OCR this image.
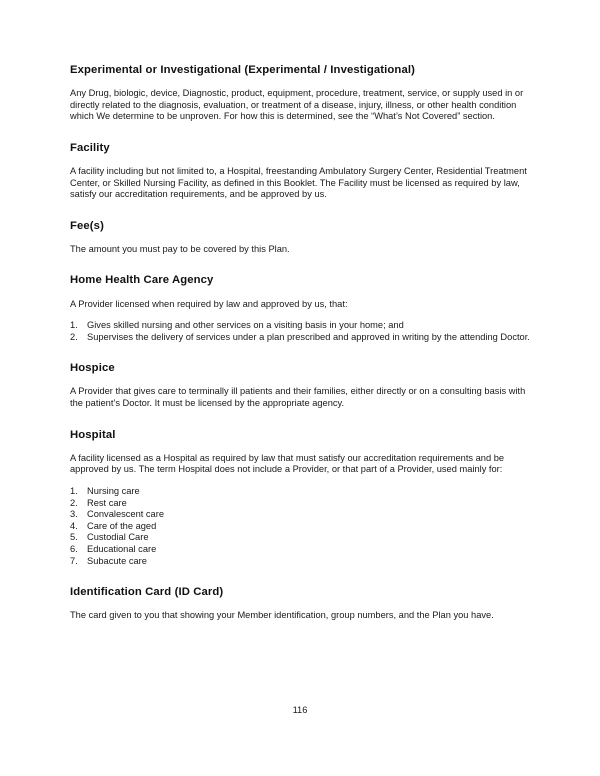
Experimental or Investigational (Experimental / Investigational)

Any Drug, biologic, device, Diagnostic, product, equipment, procedure, treatment, service, or supply used in or directly related to the diagnosis, evaluation, or treatment of a disease, injury, illness, or other health condition which We determine to be unproven. For how this is determined, see the “What’s Not Covered” section.

Facility

A facility including but not limited to, a Hospital, freestanding Ambulatory Surgery Center, Residential Treatment Center, or Skilled Nursing Facility, as defined in this Booklet. The Facility must be licensed as required by law, satisfy our accreditation requirements, and be approved by us.

Fee(s)

The amount you must pay to be covered by this Plan.

Home Health Care Agency

A Provider licensed when required by law and approved by us, that:

1. Gives skilled nursing and other services on a visiting basis in your home; and
2. Supervises the delivery of services under a plan prescribed and approved in writing by the attending Doctor.
Hospice

A Provider that gives care to terminally ill patients and their families, either directly or on a consulting basis with the patient’s Doctor. It must be licensed by the appropriate agency.

Hospital

A facility licensed as a Hospital as required by law that must satisfy our accreditation requirements and be approved by us. The term Hospital does not include a Provider, or that part of a Provider, used mainly for:

1. Nursing care
2. Rest care
3. Convalescent care
4. Care of the aged
5. Custodial Care
6. Educational care
7. Subacute care
Identification Card (ID Card)

The card given to you that showing your Member identification, group numbers, and the Plan you have.

116
